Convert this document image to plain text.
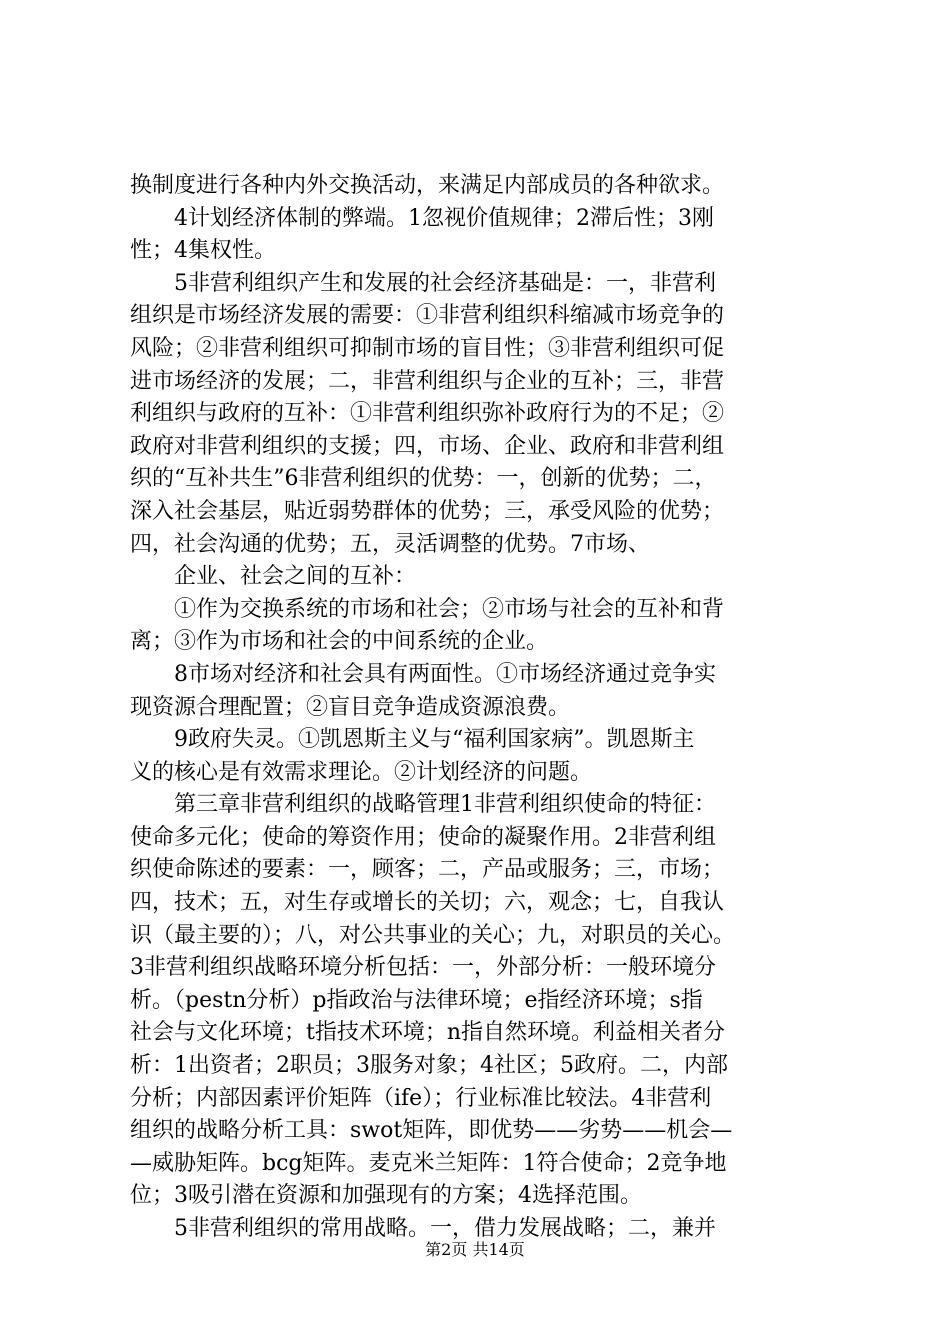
换制度进行各种内外交换活动，来满足内部成员的各种欲求。
　　4计划经济体制的弊端。1忽视价值规律；2滞后性；3刚
性；4集权性。
　　5非营利组织产生和发展的社会经济基础是：一，非营利
组织是市场经济发展的需要：①非营利组织科缩减市场竞争的
风险；②非营利组织可抑制市场的盲目性；③非营利组织可促
进市场经济的发展；二，非营利组织与企业的互补；三，非营
利组织与政府的互补：①非营利组织弥补政府行为的不足；②
政府对非营利组织的支援；四，市场、企业、政府和非营利组
织的“互补共生”6非营利组织的优势：一，创新的优势；二，
深入社会基层，贴近弱势群体的优势；三，承受风险的优势；
四，社会沟通的优势；五，灵活调整的优势。7市场、
　　企业、社会之间的互补：
　　①作为交换系统的市场和社会；②市场与社会的互补和背
离；③作为市场和社会的中间系统的企业。
　　8市场对经济和社会具有两面性。①市场经济通过竞争实
现资源合理配置；②盲目竞争造成资源浪费。
　　9政府失灵。①凯恩斯主义与“福利国家病”。凯恩斯主
义的核心是有效需求理论。②计划经济的问题。
　　第三章非营利组织的战略管理1非营利组织使命的特征：
使命多元化；使命的筹资作用；使命的凝聚作用。2非营利组
织使命陈述的要素：一，顾客；二，产品或服务；三，市场；
四，技术；五，对生存或增长的关切；六，观念；七，自我认
识（最主要的）；八，对公共事业的关心；九，对职员的关心。
3非营利组织战略环境分析包括：一，外部分析：一般环境分
析。（pestn分析）p指政治与法律环境；e指经济环境；s指
社会与文化环境；t指技术环境；n指自然环境。利益相关者分
析：1出资者；2职员；3服务对象；4社区；5政府。二，内部
分析；内部因素评价矩阵（ife）；行业标准比较法。4非营利
组织的战略分析工具：swot矩阵，即优势——劣势——机会—
—威胁矩阵。bcg矩阵。麦克米兰矩阵：1符合使命；2竞争地
位；3吸引潜在资源和加强现有的方案；4选择范围。
　　5非营利组织的常用战略。一，借力发展战略；二，兼并
第2页 共14页
